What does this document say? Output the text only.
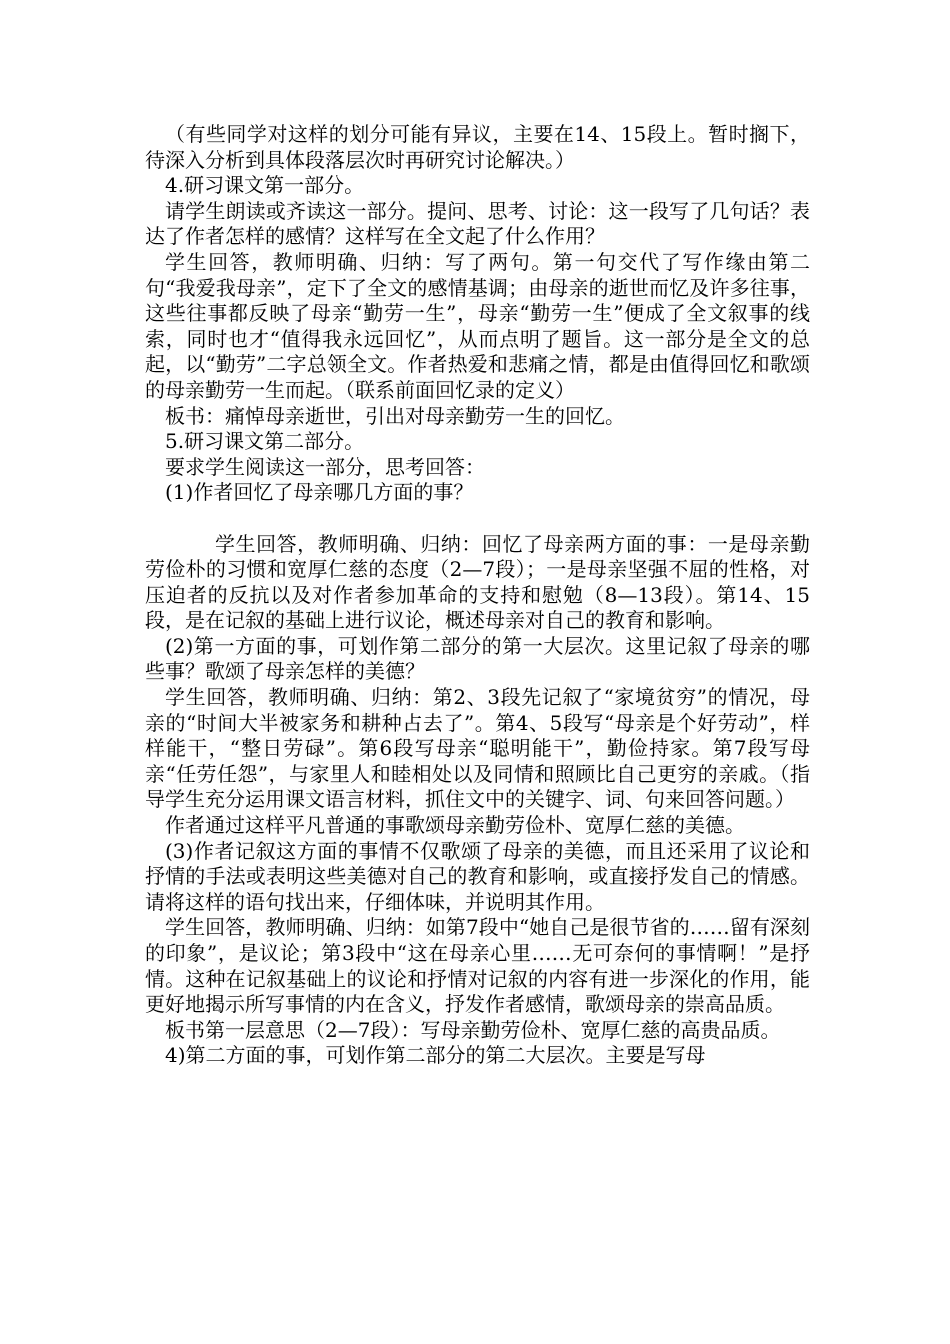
（有些同学对这样的划分可能有异议，主要在14、15段上。暂时搁下，待深入分析到具体段落层次时再研究讨论解决。）

4.研习课文第一部分。

请学生朗读或齐读这一部分。提问、思考、讨论：这一段写了几句话？表达了作者怎样的感情？这样写在全文起了什么作用？

学生回答，教师明确、归纳：写了两句。第一句交代了写作缘由第二句“我爱我母亲”，定下了全文的感情基调；由母亲的逝世而忆及许多往事，这些往事都反映了母亲“勤劳一生”，母亲“勤劳一生”便成了全文叙事的线索，同时也才“值得我永远回忆”，从而点明了题旨。这一部分是全文的总起，以“勤劳”二字总领全文。作者热爱和悲痛之情，都是由值得回忆和歌颂的母亲勤劳一生而起。（联系前面回忆录的定义）

板书：痛悼母亲逝世，引出对母亲勤劳一生的回忆。

5.研习课文第二部分。

要求学生阅读这一部分，思考回答：

(1)作者回忆了母亲哪几方面的事？

学生回答，教师明确、归纳：回忆了母亲两方面的事：一是母亲勤劳俭朴的习惯和宽厚仁慈的态度（2—7段）；一是母亲坚强不屈的性格，对压迫者的反抗以及对作者参加革命的支持和慰勉（8—13段）。第14、15段，是在记叙的基础上进行议论，概述母亲对自己的教育和影响。

(2)第一方面的事，可划作第二部分的第一大层次。这里记叙了母亲的哪些事？歌颂了母亲怎样的美德？

学生回答，教师明确、归纳：第2、3段先记叙了“家境贫穷”的情况，母亲的“时间大半被家务和耕种占去了”。第4、5段写“母亲是个好劳动”，样样能干，“整日劳碌”。第6段写母亲“聪明能干”，勤俭持家。第7段写母亲“任劳任怨”，与家里人和睦相处以及同情和照顾比自己更穷的亲戚。（指导学生充分运用课文语言材料，抓住文中的关键字、词、句来回答问题。）

作者通过这样平凡普通的事歌颂母亲勤劳俭朴、宽厚仁慈的美德。

(3)作者记叙这方面的事情不仅歌颂了母亲的美德，而且还采用了议论和抒情的手法或表明这些美德对自己的教育和影响，或直接抒发自己的情感。请将这样的语句找出来，仔细体味，并说明其作用。

学生回答，教师明确、归纳：如第7段中“她自己是很节省的……留有深刻的印象”，是议论；第3段中“这在母亲心里……无可奈何的事情啊！”是抒情。这种在记叙基础上的议论和抒情对记叙的内容有进一步深化的作用，能更好地揭示所写事情的内在含义，抒发作者感情，歌颂母亲的崇高品质。

板书第一层意思（2—7段）：写母亲勤劳俭朴、宽厚仁慈的高贵品质。

4)第二方面的事，可划作第二部分的第二大层次。主要是写母
